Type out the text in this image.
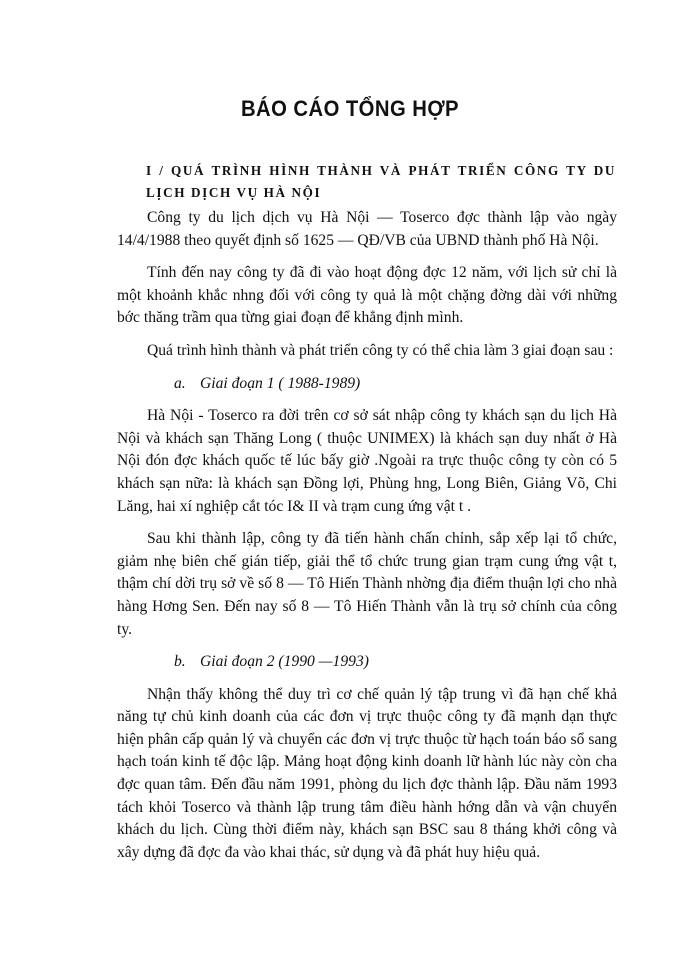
BÁO CÁO TỔNG HỢP
I / QUÁ TRÌNH HÌNH THÀNH VÀ PHÁT TRIỂN CÔNG TY DU LỊCH DỊCH VỤ HÀ NỘI

Công ty du lịch dịch vụ Hà Nội — Toserco đợc thành lập vào ngày 14/4/1988 theo quyết định số 1625 — QĐ/VB của UBND thành phố Hà Nội.

Tính đến nay công ty đã đi vào hoạt động đợc 12 năm, với lịch sử chỉ là một khoảnh khắc nhng đối với công ty quả là một chặng đờng dài với những bớc thăng trầm qua từng giai đoạn để khẳng định mình.

Quá trình hình thành và phát triển công ty có thể chia làm 3 giai đoạn sau :

a. Giai đoạn 1 ( 1988-1989)

Hà Nội - Toserco ra đời trên cơ sở sát nhập công ty khách sạn du lịch Hà Nội và khách sạn Thăng Long ( thuộc UNIMEX) là khách sạn duy nhất ở Hà Nội đón đợc khách quốc tế lúc bấy giờ .Ngoài ra trực thuộc công ty còn có 5 khách sạn nữa: là khách sạn Đồng lợi, Phùng hng, Long Biên, Giảng Võ, Chi Lăng, hai xí nghiệp cắt tóc I& II và trạm cung ứng vật t .

Sau khi thành lập, công ty đã tiến hành chấn chỉnh, sắp xếp lại tổ chức, giảm nhẹ biên chế gián tiếp, giải thể tổ chức trung gian trạm cung ứng vật t, thậm chí dời trụ sở về số 8 — Tô Hiến Thành nhờng địa điểm thuận lợi cho nhà hàng Hơng Sen. Đến nay số 8 — Tô Hiến Thành vẫn là trụ sở chính của công ty.

b. Giai đoạn 2 (1990 —1993)

Nhận thấy không thể duy trì cơ chế quản lý tập trung vì đã hạn chế khả năng tự chủ kinh doanh của các đơn vị trực thuộc công ty đã mạnh dạn thực hiện phân cấp quản lý và chuyển các đơn vị trực thuộc từ hạch toán báo sổ sang hạch toán kinh tế độc lập. Mảng hoạt động kinh doanh lữ hành lúc này còn cha đợc quan tâm. Đến đầu năm 1991, phòng du lịch đợc thành lập. Đầu năm 1993 tách khỏi Toserco và thành lập trung tâm điều hành hớng dẫn và vận chuyển khách du lịch. Cùng thời điểm này, khách sạn BSC sau 8 tháng khởi công và xây dựng đã đợc đa vào khai thác, sử dụng và đã phát huy hiệu quả.
